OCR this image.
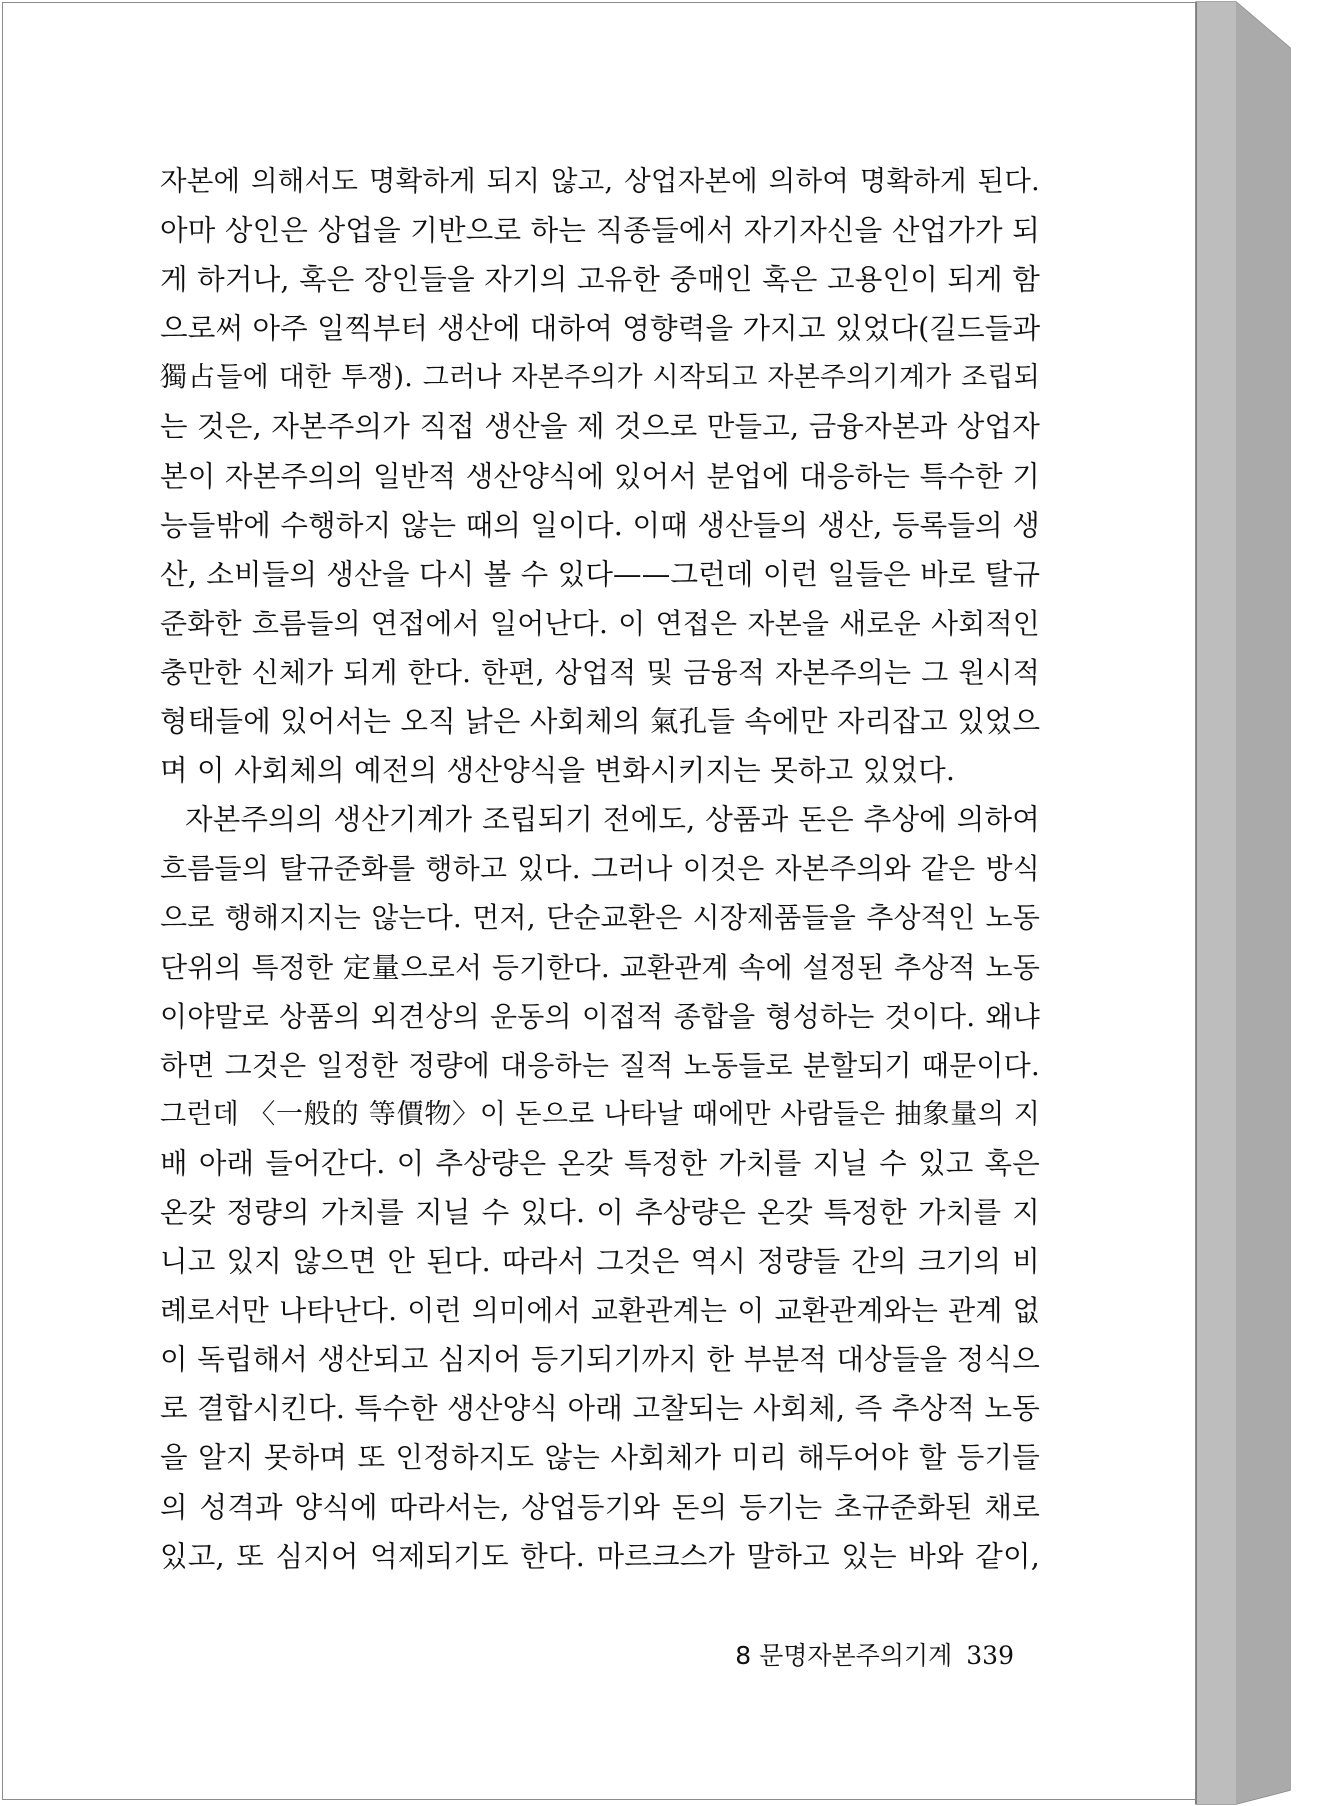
자본에 의해서도 명확하게 되지 않고, 상업자본에 의하여 명확하게 된다.
아마 상인은 상업을 기반으로 하는 직종들에서 자기자신을 산업가가 되
게 하거나, 혹은 장인들을 자기의 고유한 중매인 혹은 고용인이 되게 함
으로써 아주 일찍부터 생산에 대하여 영향력을 가지고 있었다(길드들과
獨占들에 대한 투쟁). 그러나 자본주의가 시작되고 자본주의기계가 조립되
는 것은, 자본주의가 직접 생산을 제 것으로 만들고, 금융자본과 상업자
본이 자본주의의 일반적 생산양식에 있어서 분업에 대응하는 특수한 기
능들밖에 수행하지 않는 때의 일이다. 이때 생산들의 생산, 등록들의 생
산, 소비들의 생산을 다시 볼 수 있다——그런데 이런 일들은 바로 탈규
준화한 흐름들의 연접에서 일어난다. 이 연접은 자본을 새로운 사회적인
충만한 신체가 되게 한다. 한편, 상업적 및 금융적 자본주의는 그 원시적
형태들에 있어서는 오직 낡은 사회체의 氣孔들 속에만 자리잡고 있었으
며 이 사회체의 예전의 생산양식을 변화시키지는 못하고 있었다.
자본주의의 생산기계가 조립되기 전에도, 상품과 돈은 추상에 의하여
흐름들의 탈규준화를 행하고 있다. 그러나 이것은 자본주의와 같은 방식
으로 행해지지는 않는다. 먼저, 단순교환은 시장제품들을 추상적인 노동
단위의 특정한 定量으로서 등기한다. 교환관계 속에 설정된 추상적 노동
이야말로 상품의 외견상의 운동의 이접적 종합을 형성하는 것이다. 왜냐
하면 그것은 일정한 정량에 대응하는 질적 노동들로 분할되기 때문이다.
그런데 〈一般的 等價物〉이 돈으로 나타날 때에만 사람들은 抽象量의 지
배 아래 들어간다. 이 추상량은 온갖 특정한 가치를 지닐 수 있고 혹은
온갖 정량의 가치를 지닐 수 있다. 이 추상량은 온갖 특정한 가치를 지
니고 있지 않으면 안 된다. 따라서 그것은 역시 정량들 간의 크기의 비
례로서만 나타난다. 이런 의미에서 교환관계는 이 교환관계와는 관계 없
이 독립해서 생산되고 심지어 등기되기까지 한 부분적 대상들을 정식으
로 결합시킨다. 특수한 생산양식 아래 고찰되는 사회체, 즉 추상적 노동
을 알지 못하며 또 인정하지도 않는 사회체가 미리 해두어야 할 등기들
의 성격과 양식에 따라서는, 상업등기와 돈의 등기는 초규준화된 채로
있고, 또 심지어 억제되기도 한다. 마르크스가 말하고 있는 바와 같이,
8 문명자본주의기계 339
